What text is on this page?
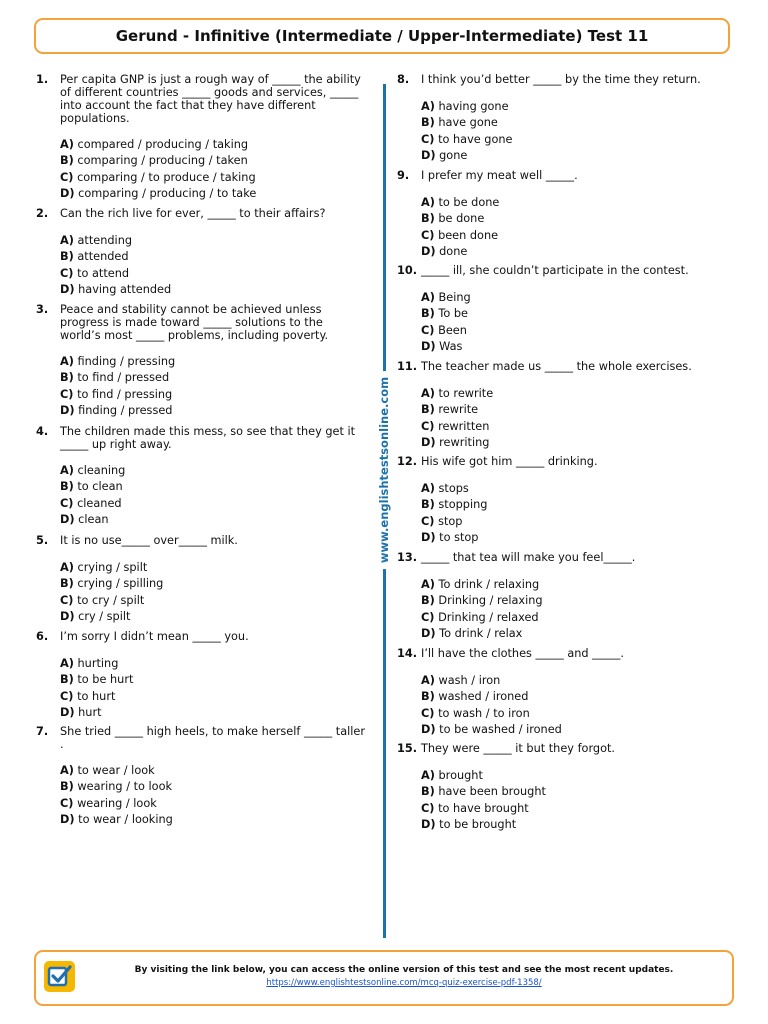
Gerund - Infinitive (Intermediate / Upper-Intermediate) Test 11
1.	Per capita GNP is just a rough way of _____ the ability
of different countries _____ goods and services, _____
into account the fact that they have different
populations.
A) compared / producing / taking
B) comparing / producing / taken
C) comparing / to produce / taking
D) comparing / producing / to take
2.	Can the rich live for ever, _____ to their affairs?
A) attending
B) attended
C) to attend
D) having attended
3.	Peace and stability cannot be achieved unless
progress is made toward _____ solutions to the
world’s most _____ problems, including poverty.
A) finding / pressing
B) to find / pressed
C) to find / pressing
D) finding / pressed
4.	The children made this mess, so see that they get it
_____ up right away.
A) cleaning
B) to clean
C) cleaned
D) clean
5.	It is no use_____ over_____ milk.
A) crying / spilt
B) crying / spilling
C) to cry / spilt
D) cry / spilt
6.	I’m sorry I didn’t mean _____ you.
A) hurting
B) to be hurt
C) to hurt
D) hurt
7.	She tried _____ high heels, to make herself _____ taller
.
A) to wear / look
B) wearing / to look
C) wearing / look
D) to wear / looking
8.	I think you’d better _____ by the time they return.
A) having gone
B) have gone
C) to have gone
D) gone
9.	I prefer my meat well _____.
A) to be done
B) be done
C) been done
D) done
10. _____ ill, she couldn’t participate in the contest.
A) Being
B) To be
C) Been
D) Was
11. The teacher made us _____ the whole exercises.
A) to rewrite
B) rewrite
C) rewritten
D) rewriting
12. His wife got him _____ drinking.
A) stops
B) stopping
C) stop
D) to stop
13. _____ that tea will make you feel_____.
A) To drink / relaxing
B) Drinking / relaxing
C) Drinking / relaxed
D) To drink / relax
14. I’ll have the clothes _____ and _____.
A) wash / iron
B) washed / ironed
C) to wash / to iron
D) to be washed / ironed
15. They were _____ it but they forgot.
A) brought
B) have been brought
C) to have brought
D) to be brought
www.englishtestsonline.com
By visiting the link below, you can access the online version of this test and see the most recent updates.
https://www.englishtestsonline.com/mcq-quiz-exercise-pdf-1358/
